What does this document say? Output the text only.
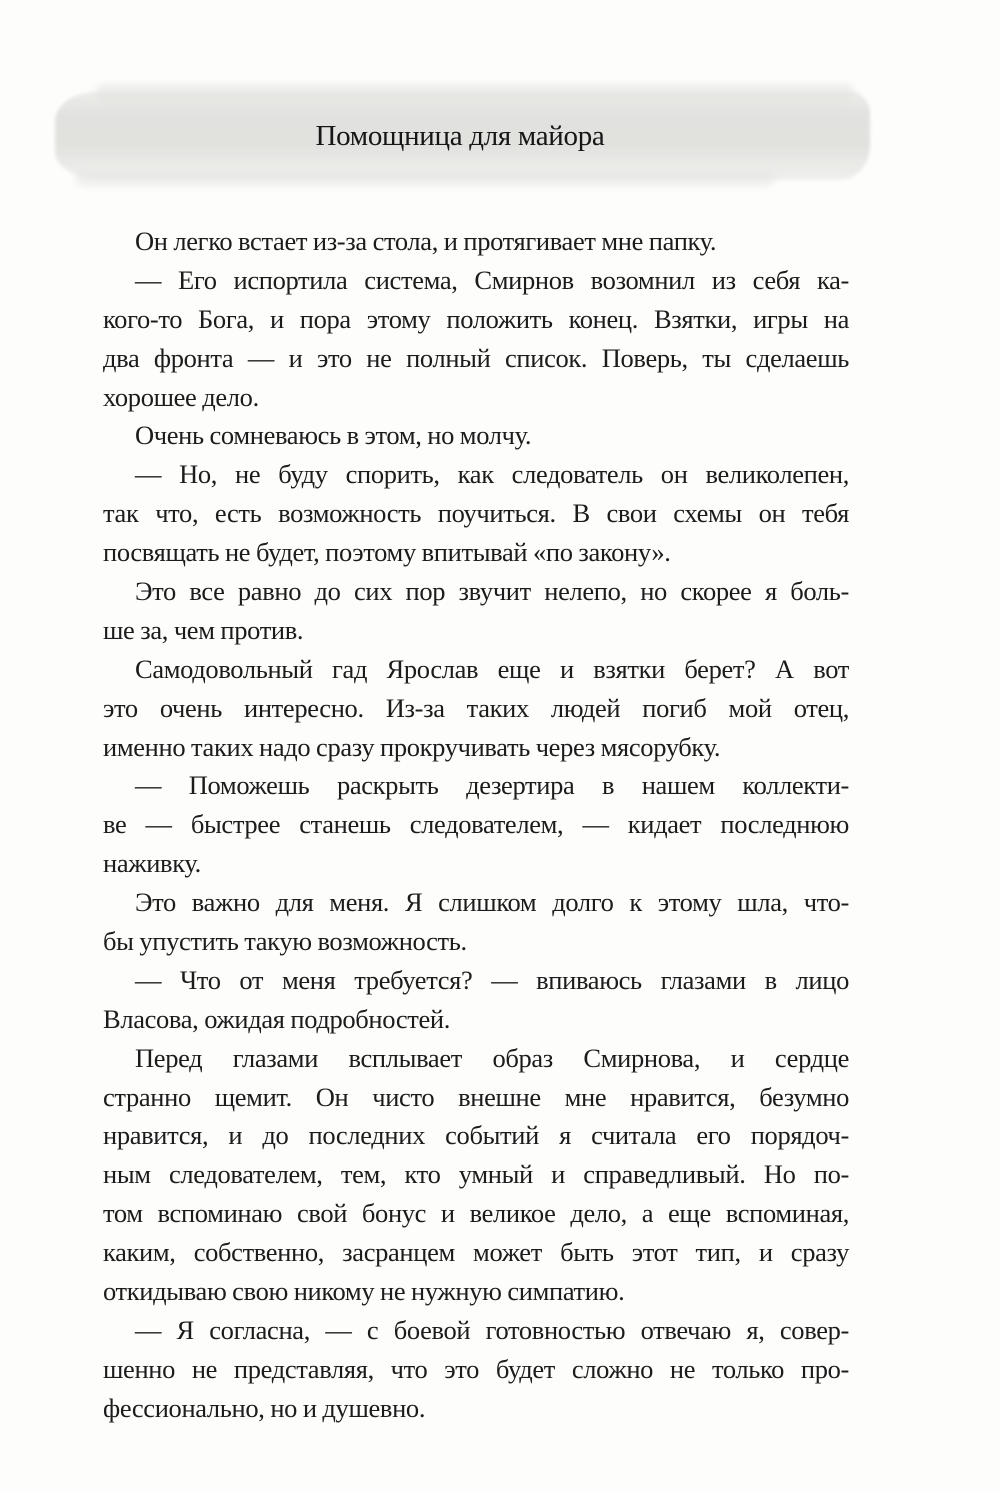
Помощница для майора
Он легко встает из-за стола, и протягивает мне папку.
— Его испортила система, Смирнов возомнил из себя ка-
кого-то Бога, и пора этому положить конец. Взятки, игры на
два фронта — и это не полный список. Поверь, ты сделаешь
хорошее дело.
Очень сомневаюсь в этом, но молчу.
— Но, не буду спорить, как следователь он великолепен,
так что, есть возможность поучиться. В свои схемы он тебя
посвящать не будет, поэтому впитывай «по закону».
Это все равно до сих пор звучит нелепо, но скорее я боль-
ше за, чем против.
Самодовольный гад Ярослав еще и взятки берет? А вот
это очень интересно. Из-за таких людей погиб мой отец,
именно таких надо сразу прокручивать через мясорубку.
— Поможешь раскрыть дезертира в нашем коллекти-
ве — быстрее станешь следователем, — кидает последнюю
наживку.
Это важно для меня. Я слишком долго к этому шла, что-
бы упустить такую возможность.
— Что от меня требуется? — впиваюсь глазами в лицо
Власова, ожидая подробностей.
Перед глазами всплывает образ Смирнова, и сердце
странно щемит. Он чисто внешне мне нравится, безумно
нравится, и до последних событий я считала его порядоч-
ным следователем, тем, кто умный и справедливый. Но по-
том вспоминаю свой бонус и великое дело, а еще вспоминая,
каким, собственно, засранцем может быть этот тип, и сразу
откидываю свою никому не нужную симпатию.
— Я согласна, — с боевой готовностью отвечаю я, совер-
шенно не представляя, что это будет сложно не только про-
фессионально, но и душевно.
